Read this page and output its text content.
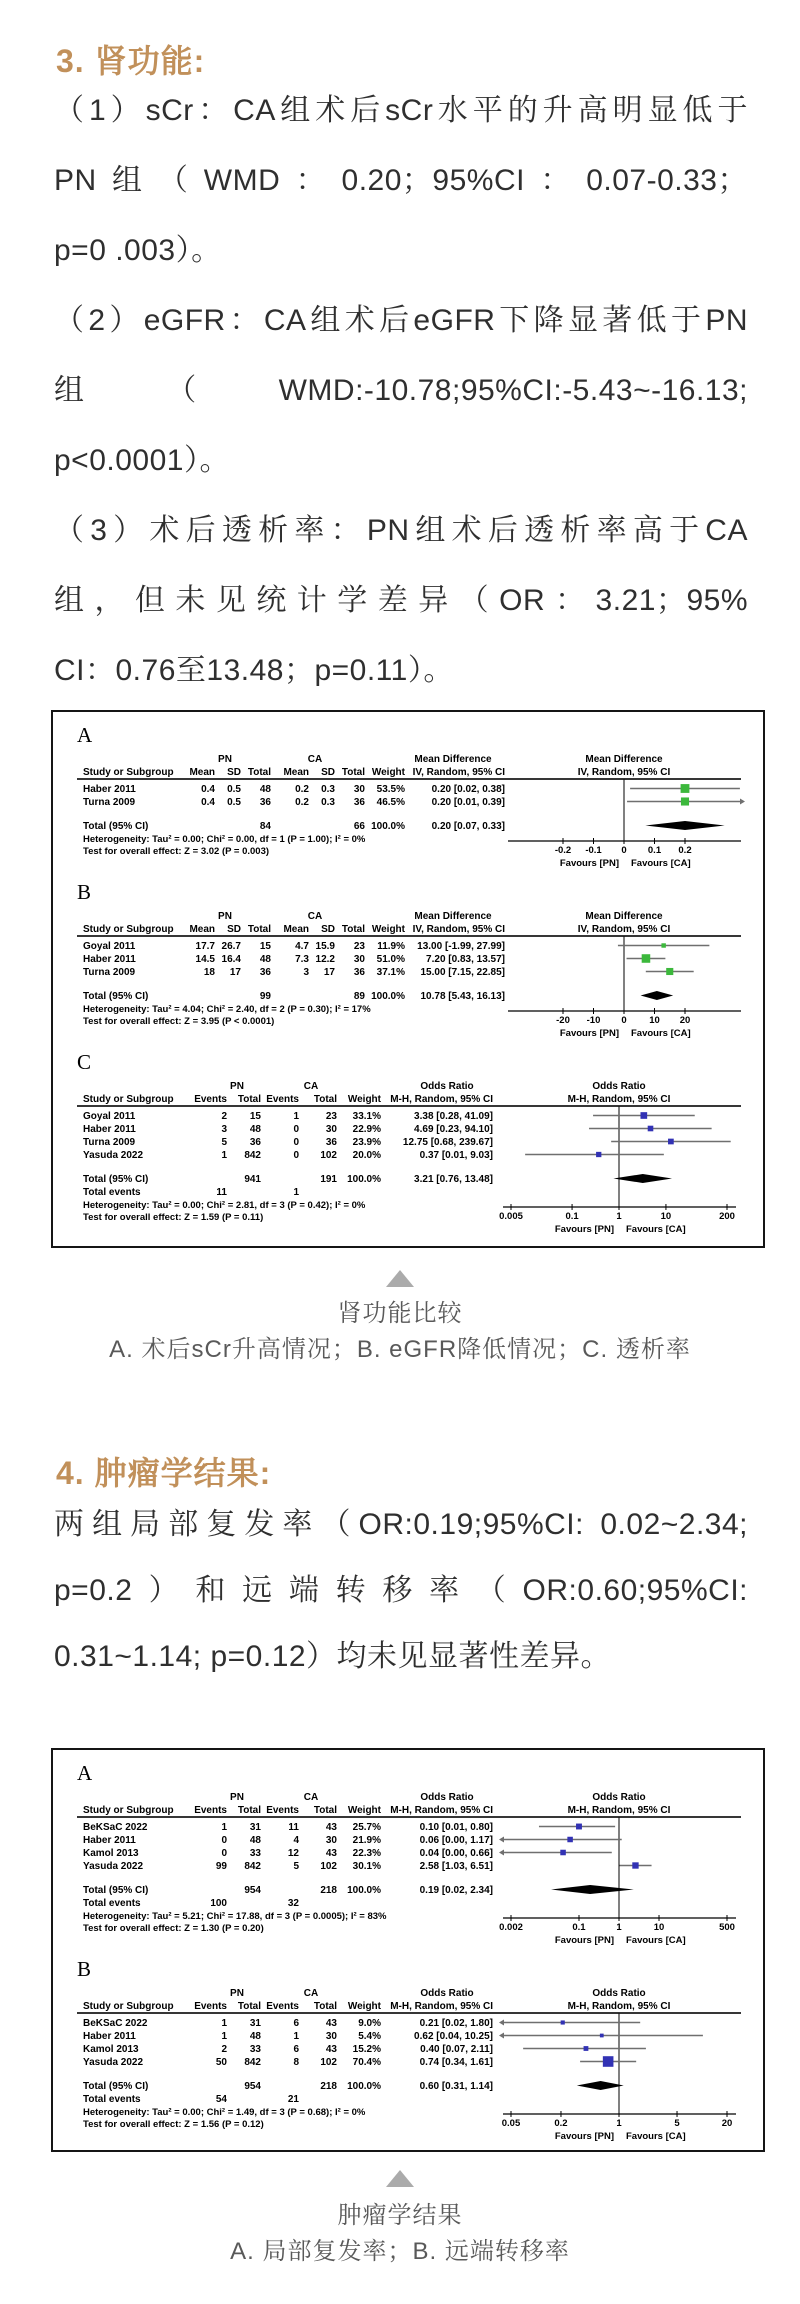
3. 肾功能:
（1）sCr：CA组术后sCr水平的升高明显低于
PN组（WMD：0.20；95%CI：0.07-0.33；
p=0 .003）。
（2）eGFR：CA组术后eGFR下降显著低于PN
组（WMD:-10.78;95%CI:-5.43~-16.13;
p<0.0001）。
（3）术后透析率：PN组术后透析率高于CA
组，但未见统计学差异（OR：3.21；95%
CI：0.76至13.48；p=0.11）。
A
PN	CA	Mean Difference	Mean Difference
Study or Subgroup Mean SD Total Mean SD Total Weight IV, Random, 95% CI	IV, Random, 95% CI
Haber 2011	0.4 0.5 48 0.2 0.3 30 53.5%	0.20 [0.02, 0.38]
Turna 2009	0.4 0.5 36 0.2 0.3 36 46.5%	0.20 [0.01, 0.39]
Total (95% CI)	84	66 100.0%	0.20 [0.07, 0.33]
Heterogeneity: Tau² = 0.00; Chi² = 0.00, df = 1 (P = 1.00); I² = 0%
Test for overall effect: Z = 3.02 (P = 0.003)	-0.2 -0.1 0 0.1 0.2
Favours [PN] Favours [CA]
B
PN	CA	Mean Difference	Mean Difference
Study or Subgroup Mean SD Total Mean SD Total Weight IV, Random, 95% CI	IV, Random, 95% CI
Goyal 2011	17.7 26.7 15 4.7 15.9 23 11.9% 13.00 [-1.99, 27.99]
Haber 2011	14.5 16.4 48 7.3 12.2 30 51.0% 7.20 [0.83, 13.57]
Turna 2009	18 17 36	3 17 36 37.1% 15.00 [7.15, 22.85]
Total (95% CI)	99	89 100.0% 10.78 [5.43, 16.13]
Heterogeneity: Tau² = 4.04; Chi² = 2.40, df = 2 (P = 0.30); I² = 17%
Test for overall effect: Z = 3.95 (P < 0.0001)	-20 -10 0 10 20
Favours [PN] Favours [CA]
C
PN	CA	Odds Ratio	Odds Ratio
Study or Subgroup Events Total Events Total Weight M-H, Random, 95% CI	M-H, Random, 95% CI
Goyal 2011	2 15	1	23 33.1%	3.38 [0.28, 41.09]
Haber 2011	3 48	0	30 22.9%	4.69 [0.23, 94.10]
Turna 2009	5 36	0	36 23.9% 12.75 [0.68, 239.67]
Yasuda 2022	1 842	0 102 20.0%	0.37 [0.01, 9.03]
Total (95% CI)	941	191 100.0%	3.21 [0.76, 13.48]
Total events	11	1
Heterogeneity: Tau² = 0.00; Chi² = 2.81, df = 3 (P = 0.42); I² = 0%
Test for overall effect: Z = 1.59 (P = 0.11)	0.005	0.1	1	10	200
Favours [PN] Favours [CA]
肾功能比较
A. 术后sCr升高情况；B. eGFR降低情况；C. 透析率
4. 肿瘤学结果:
两组局部复发率（OR:0.19;95%CI: 0.02~2.34;
p=0.2）和远端转移率（OR:0.60;95%CI:
0.31~1.14; p=0.12）均未见显著性差异。
A
PN	CA	Odds Ratio	Odds Ratio
Study or Subgroup Events Total Events Total Weight M-H, Random, 95% CI	M-H, Random, 95% CI
BeKSaC 2022	1 31	11	43 25.7%	0.10 [0.01, 0.80]
Haber 2011	0 48	4	30 21.9%	0.06 [0.00, 1.17]
Kamol 2013	0 33	12	43 22.3%	0.04 [0.00, 0.66]
Yasuda 2022	99 842	5 102 30.1%	2.58 [1.03, 6.51]
Total (95% CI)	954	218 100.0%	0.19 [0.02, 2.34]
Total events	100	32
Heterogeneity: Tau² = 5.21; Chi² = 17.88, df = 3 (P = 0.0005); I² = 83%
Test for overall effect: Z = 1.30 (P = 0.20)	0.002	0.1	1	10	500
Favours [PN] Favours [CA]
B
PN	CA	Odds Ratio	Odds Ratio
Study or Subgroup Events Total Events Total Weight M-H, Random, 95% CI	M-H, Random, 95% CI
BeKSaC 2022	1 31	6	43 9.0%	0.21 [0.02, 1.80]
Haber 2011	1 48	1	30 5.4%	0.62 [0.04, 10.25]
Kamol 2013	2 33	6	43 15.2%	0.40 [0.07, 2.11]
Yasuda 2022	50 842	8 102 70.4%	0.74 [0.34, 1.61]
Total (95% CI)	954	218 100.0%	0.60 [0.31, 1.14]
Total events	54	21
Heterogeneity: Tau² = 0.00; Chi² = 1.49, df = 3 (P = 0.68); I² = 0%
Test for overall effect: Z = 1.56 (P = 0.12)	0.05	0.2	1	5	20
Favours [PN] Favours [CA]
肿瘤学结果
A. 局部复发率；B. 远端转移率
